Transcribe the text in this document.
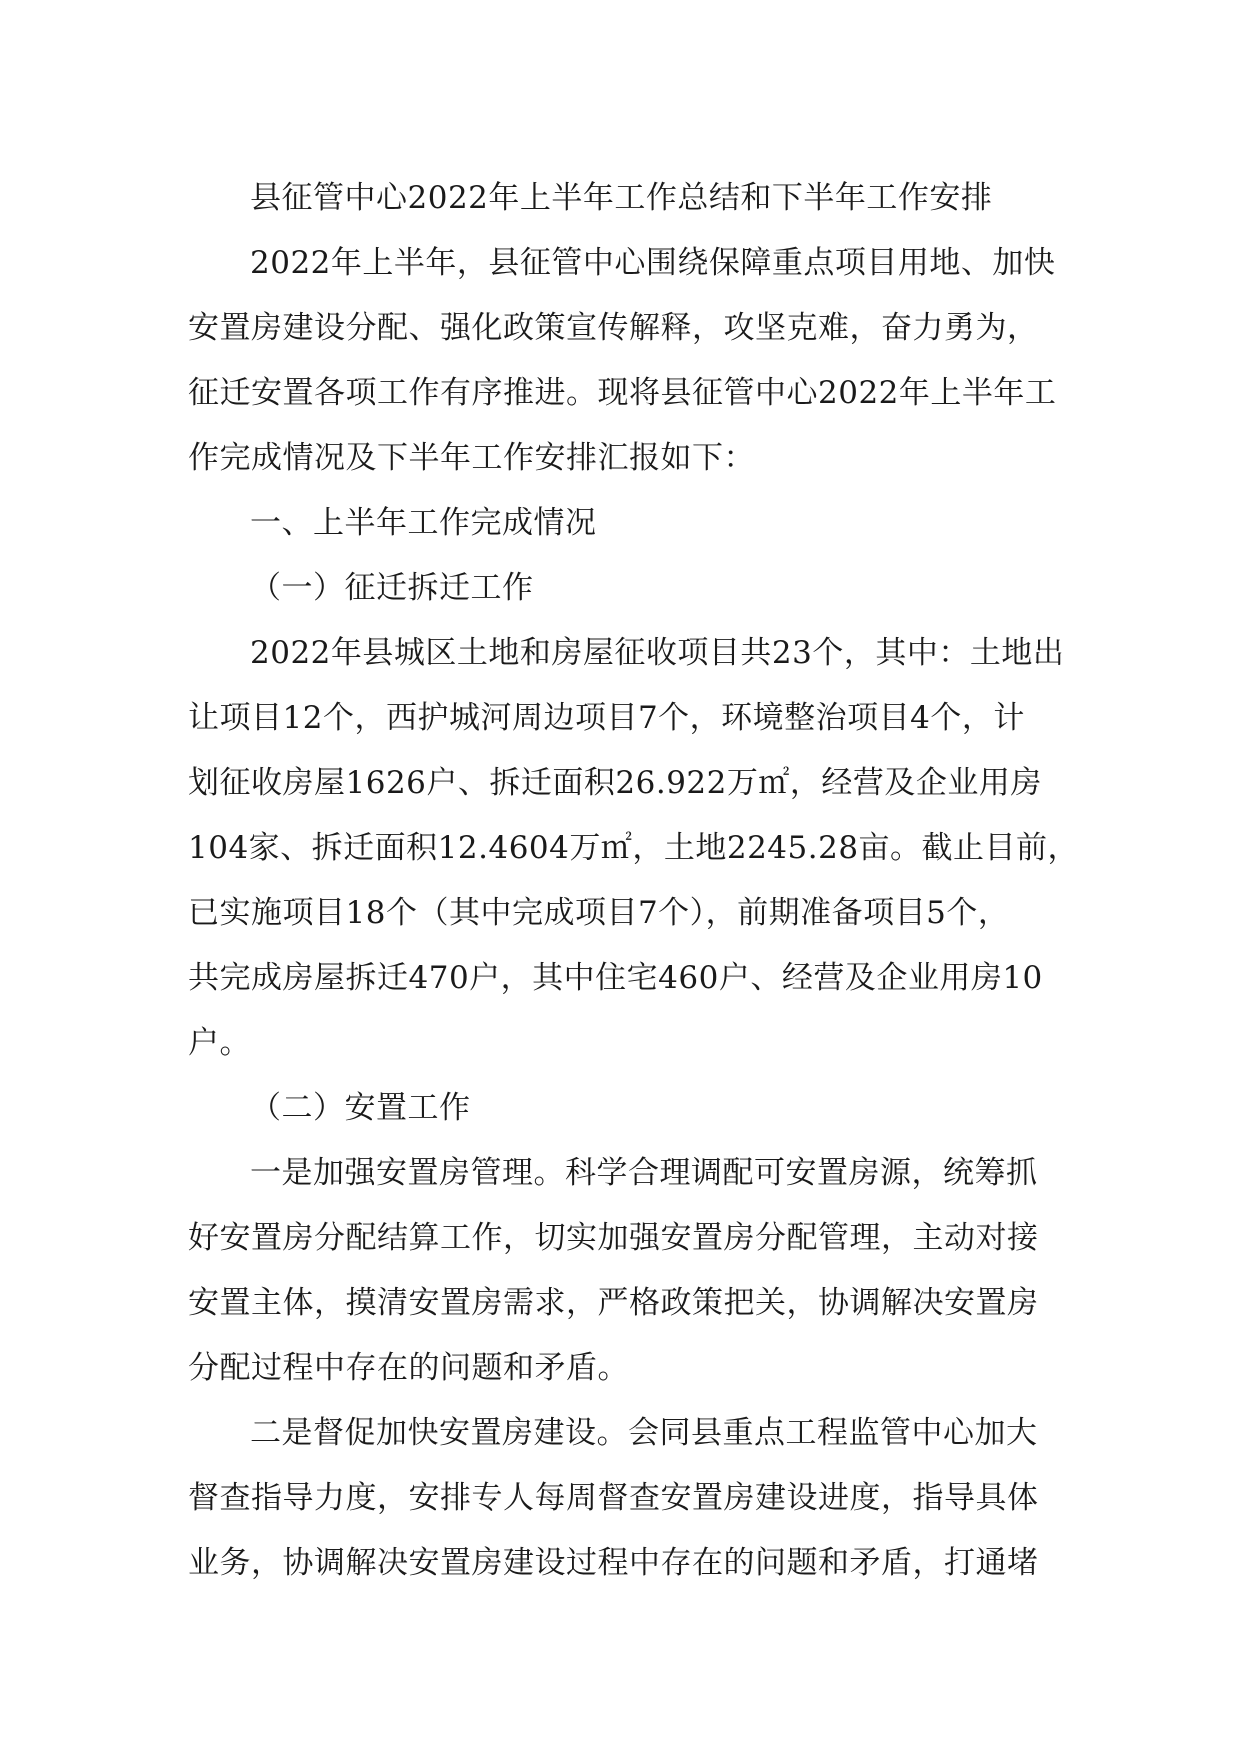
县征管中心2022年上半年工作总结和下半年工作安排
2022年上半年，县征管中心围绕保障重点项目用地、加快
安置房建设分配、强化政策宣传解释，攻坚克难，奋力勇为，
征迁安置各项工作有序推进。现将县征管中心2022年上半年工
作完成情况及下半年工作安排汇报如下：
一、上半年工作完成情况
（一）征迁拆迁工作
2022年县城区土地和房屋征收项目共23个，其中：土地出
让项目12个，西护城河周边项目7个，环境整治项目4个，计
划征收房屋1626户、拆迁面积26.922万㎡，经营及企业用房
104家、拆迁面积12.4604万㎡，土地2245.28亩。截止目前，
已实施项目18个（其中完成项目7个），前期准备项目5个，
共完成房屋拆迁470户，其中住宅460户、经营及企业用房10
户。
（二）安置工作
一是加强安置房管理。科学合理调配可安置房源，统筹抓
好安置房分配结算工作，切实加强安置房分配管理，主动对接
安置主体，摸清安置房需求，严格政策把关，协调解决安置房
分配过程中存在的问题和矛盾。
二是督促加快安置房建设。会同县重点工程监管中心加大
督查指导力度，安排专人每周督查安置房建设进度，指导具体
业务，协调解决安置房建设过程中存在的问题和矛盾，打通堵
